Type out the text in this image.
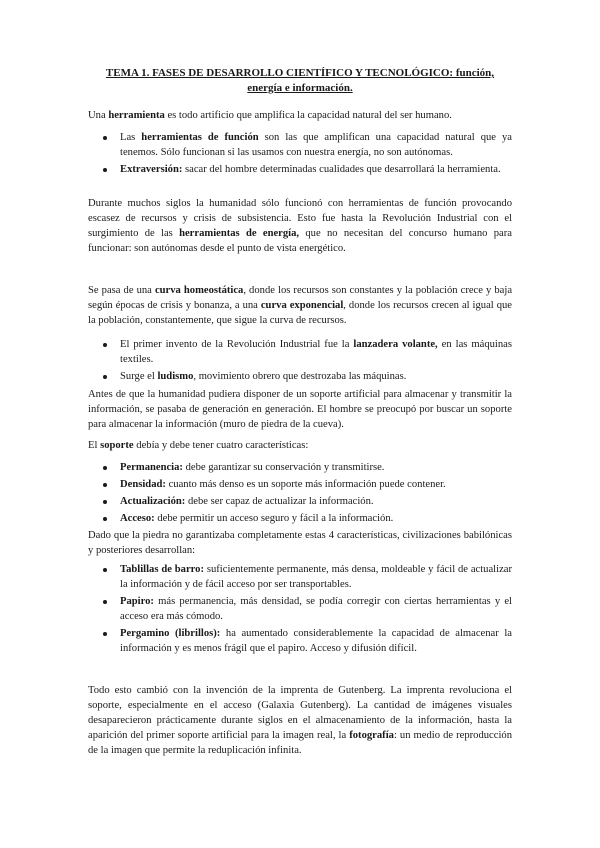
TEMA 1. FASES DE DESARROLLO CIENTÍFICO Y TECNOLÓGICO: función, energía e información.

Una herramienta es todo artificio que amplifica la capacidad natural del ser humano.

Las herramientas de función son las que amplifican una capacidad natural que ya tenemos. Sólo funcionan si las usamos con nuestra energía, no son autónomas.
Extraversión: sacar del hombre determinadas cualidades que desarrollará la herramienta.

Durante muchos siglos la humanidad sólo funcionó con herramientas de función provocando escasez de recursos y crisis de subsistencia. Esto fue hasta la Revolución Industrial con el surgimiento de las herramientas de energía, que no necesitan del concurso humano para funcionar: son autónomas desde el punto de vista energético.

Se pasa de una curva homeostática, donde los recursos son constantes y la población crece y baja según épocas de crisis y bonanza, a una curva exponencial, donde los recursos crecen al igual que la población, constantemente, que sigue la curva de recursos.

El primer invento de la Revolución Industrial fue la lanzadera volante, en las máquinas textiles.
Surge el ludismo, movimiento obrero que destrozaba las máquinas.

Antes de que la humanidad pudiera disponer de un soporte artificial para almacenar y transmitir la información, se pasaba de generación en generación. El hombre se preocupó por buscar un soporte para almacenar la información (muro de piedra de la cueva).

El soporte debía y debe tener cuatro características:

Permanencia: debe garantizar su conservación y transmitirse.
Densidad: cuanto más denso es un soporte más información puede contener.
Actualización: debe ser capaz de actualizar la información.
Acceso: debe permitir un acceso seguro y fácil a la información.

Dado que la piedra no garantizaba completamente estas 4 características, civilizaciones babilónicas y posteriores desarrollan:

Tablillas de barro: suficientemente permanente, más densa, moldeable y fácil de actualizar la información y de fácil acceso por ser transportables.
Papiro: más permanencia, más densidad, se podía corregir con ciertas herramientas y el acceso era más cómodo.
Pergamino (librillos): ha aumentado considerablemente la capacidad de almacenar la información y es menos frágil que el papiro. Acceso y difusión difícil.

Todo esto cambió con la invención de la imprenta de Gutenberg. La imprenta revoluciona el soporte, especialmente en el acceso (Galaxia Gutenberg). La cantidad de imágenes visuales desaparecieron prácticamente durante siglos en el almacenamiento de la información, hasta la aparición del primer soporte artificial para la imagen real, la fotografía: un medio de reproducción de la imagen que permite la reduplicación infinita.
